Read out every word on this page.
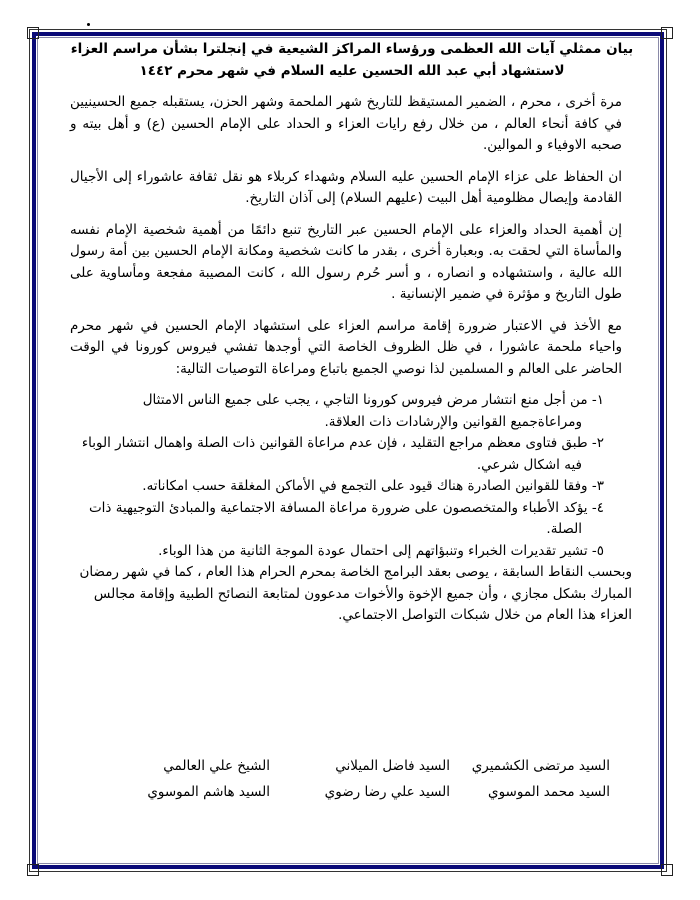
بيان ممثلي آيات الله العظمى ورؤساء المراكز الشيعية في إنجلترا بشأن مراسم العزاء
لاستشهاد أبي عبد الله الحسين عليه السلام في شهر محرم ١٤٤٢

مرة أخرى ، محرم ، الضمير المستيقظ للتاريخ شهر الملحمة وشهر الحزن، يستقبله جميع الحسينيين في كافة أنحاء العالم ، من خلال رفع رايات العزاء و الحداد على الإمام الحسين (ع) و أهل بيته و صحبه الاوفياء و الموالين.

ان الحفاظ على عزاء الإمام الحسين عليه السلام وشهداء كربلاء هو نقل ثقافة عاشوراء إلى الأجيال القادمة وإيصال مظلومية أهل البيت (عليهم السلام) إلى آذان التاريخ.

إن أهمية الحداد والعزاء على الإمام الحسين عبر التاريخ تنبع دائمًا من أهمية شخصية الإمام نفسه والمأساة التي لحقت به. وبعبارة أخرى ، بقدر ما كانت شخصية ومكانة الإمام الحسين بين أمة رسول الله عالية ، واستشهاده و انصاره ، و أسر حُرم رسول الله ، كانت المصيبة مفجعة ومأساوية على طول التاريخ و مؤثرة في ضمير الإنسانية .

مع الأخذ في الاعتبار ضرورة إقامة مراسم العزاء على استشهاد الإمام الحسين في شهر محرم واحياء ملحمة عاشورا ، في ظل الظروف الخاصة التي أوجدها تفشي فيروس كورونا في الوقت الحاضر على العالم و المسلمين لذا نوصي الجميع باتباع ومراعاة التوصيات التالية:

١- من أجل منع انتشار مرض فيروس كورونا التاجي ، يجب على جميع الناس الامتثال ومراعاةجميع القوانين والإرشادات ذات العلاقة.
٢- طبق فتاوى معظم مراجع التقليد ، فإن عدم مراعاة القوانين ذات الصلة واهمال انتشار الوباء فيه اشكال شرعي.
٣- وفقا للقوانين الصادرة هناك قيود على التجمع في الأماكن المغلقة حسب امكاناته.
٤- يؤكد الأطباء والمتخصصون على ضرورة مراعاة المسافة الاجتماعية والمبادئ التوجيهية ذات الصلة.
٥- تشير تقديرات الخبراء وتنبؤاتهم إلى احتمال عودة الموجة الثانية من هذا الوباء.

وبحسب النقاط السابقة ، يوصى بعقد البرامج الخاصة بمحرم الحرام هذا العام ، كما في شهر رمضان المبارك بشكل مجازي ، وأن جميع الإخوة والأخوات مدعوون لمتابعة النصائح الطبية وإقامة مجالس العزاء هذا العام من خلال شبكات التواصل الاجتماعي.

السيد مرتضى الكشميري
السيد فاضل الميلاني
الشيخ علي العالمي
السيد محمد الموسوي
السيد علي رضا رضوي
السيد هاشم الموسوي
